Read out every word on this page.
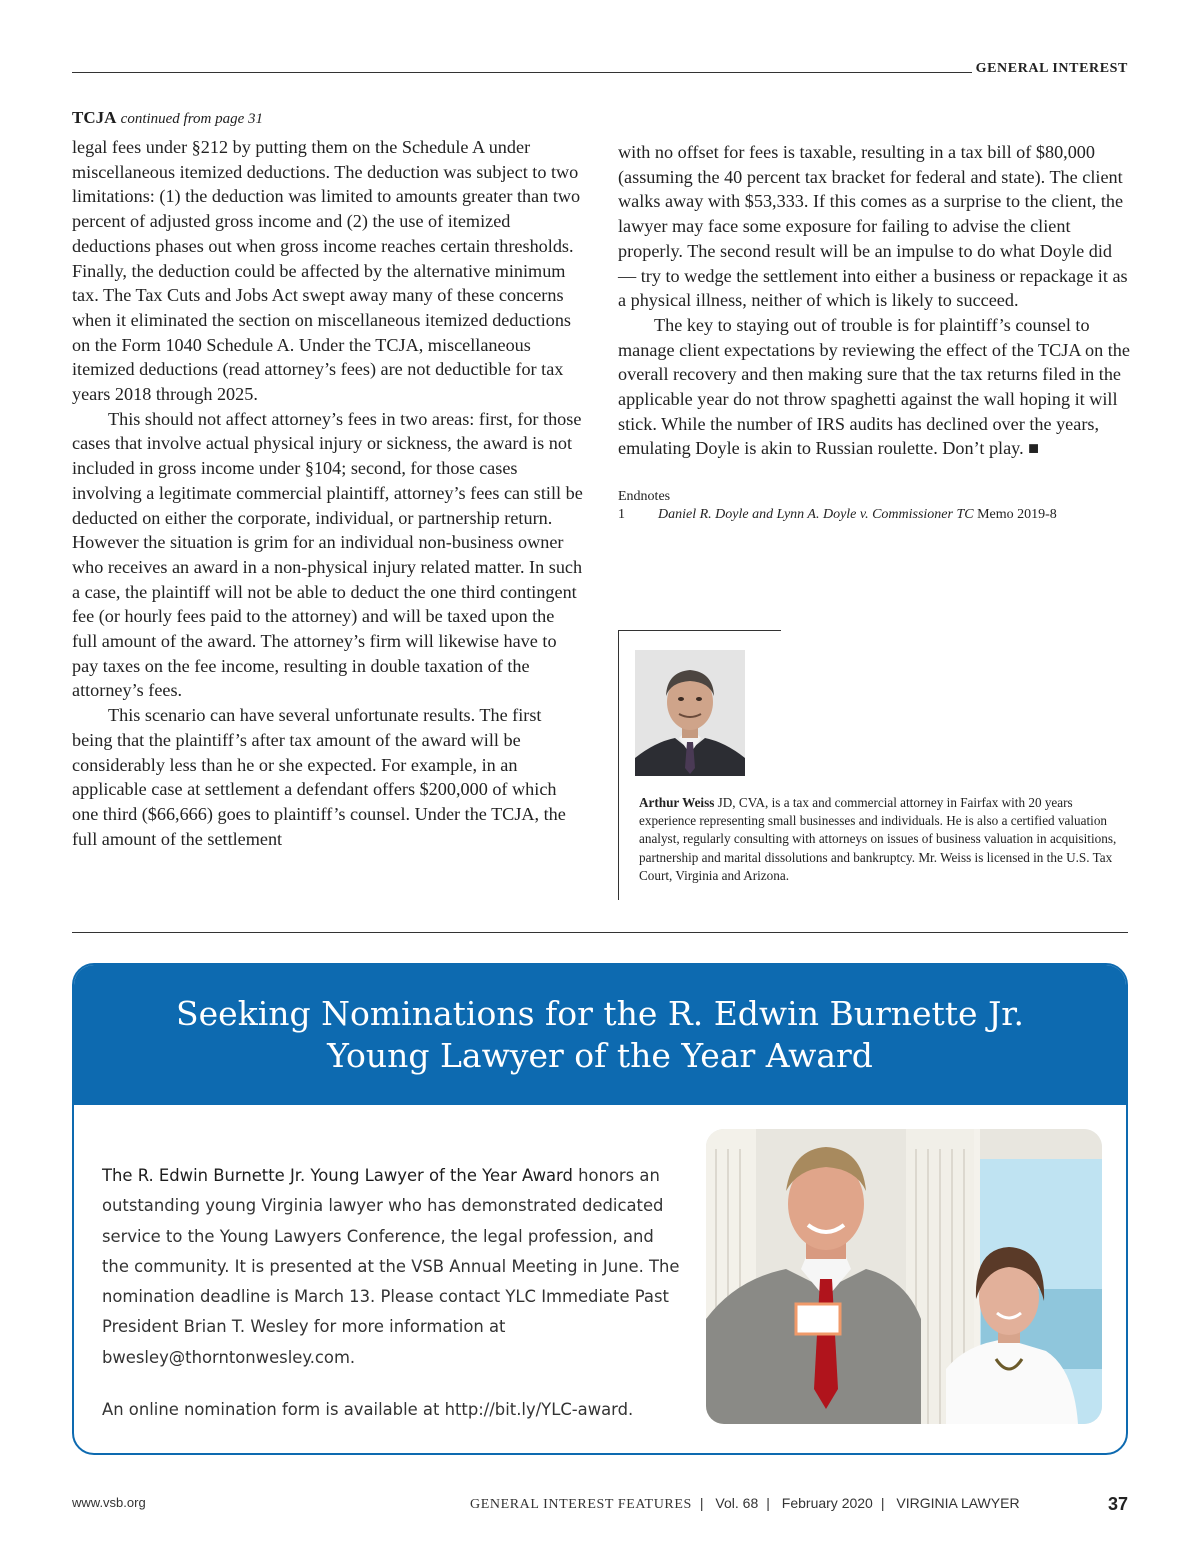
GENERAL INTEREST
TCJA continued from page 31

legal fees under §212 by putting them on the Schedule A under miscellaneous itemized deductions. The deduction was subject to two limitations: (1) the deduction was limited to amounts greater than two percent of adjusted gross income and (2) the use of itemized deductions phases out when gross income reaches certain thresholds. Finally, the deduction could be affected by the alternative minimum tax. The Tax Cuts and Jobs Act swept away many of these concerns when it eliminated the section on miscellaneous itemized deductions on the Form 1040 Schedule A. Under the TCJA, miscellaneous itemized deductions (read attorney’s fees) are not deductible for tax years 2018 through 2025.

This should not affect attorney’s fees in two areas: first, for those cases that involve actual physical injury or sickness, the award is not included in gross income under §104; second, for those cases involving a legitimate commercial plaintiff, attorney’s fees can still be deducted on either the corporate, individual, or partnership return. However the situation is grim for an individual non-business owner who receives an award in a non-physical injury related matter. In such a case, the plaintiff will not be able to deduct the one third contingent fee (or hourly fees paid to the attorney) and will be taxed upon the full amount of the award. The attorney’s firm will likewise have to pay taxes on the fee income, resulting in double taxation of the attorney’s fees.

This scenario can have several unfortunate results. The first being that the plaintiff’s after tax amount of the award will be considerably less than he or she expected. For example, in an applicable case at settlement a defendant offers $200,000 of which one third ($66,666) goes to plaintiff’s counsel. Under the TCJA, the full amount of the settlement

with no offset for fees is taxable, resulting in a tax bill of $80,000 (assuming the 40 percent tax bracket for federal and state). The client walks away with $53,333. If this comes as a surprise to the client, the lawyer may face some exposure for failing to advise the client properly. The second result will be an impulse to do what Doyle did — try to wedge the settlement into either a business or repackage it as a physical illness, neither of which is likely to succeed.

The key to staying out of trouble is for plaintiff’s counsel to manage client expectations by reviewing the effect of the TCJA on the overall recovery and then making sure that the tax returns filed in the applicable year do not throw spaghetti against the wall hoping it will stick. While the number of IRS audits has declined over the years, emulating Doyle is akin to Russian roulette. Don’t play. ■

Endnotes
1	Daniel R. Doyle and Lynn A. Doyle v. Commissioner TC Memo 2019-8
Arthur Weiss JD, CVA, is a tax and commercial attorney in Fairfax with 20 years experience representing small businesses and individuals. He is also a certified valuation analyst, regularly consulting with attorneys on issues of business valuation in acquisitions, partnership and marital dissolutions and bankruptcy. Mr. Weiss is licensed in the U.S. Tax Court, Virginia and Arizona.
Seeking Nominations for the R. Edwin Burnette Jr.
Young Lawyer of the Year Award

The R. Edwin Burnette Jr. Young Lawyer of the Year Award honors an outstanding young Virginia lawyer who has demonstrated dedicated service to the Young Lawyers Conference, the legal profession, and the community. It is presented at the VSB Annual Meeting in June. The nomination deadline is March 13. Please contact YLC Immediate Past President Brian T. Wesley for more information at bwesley@thorntonwesley.com.

An online nomination form is available at http://bit.ly/YLC-award.

www.vsb.org	GENERAL INTEREST FEATURES | Vol. 68 | February 2020 | VIRGINIA LAWYER	37
